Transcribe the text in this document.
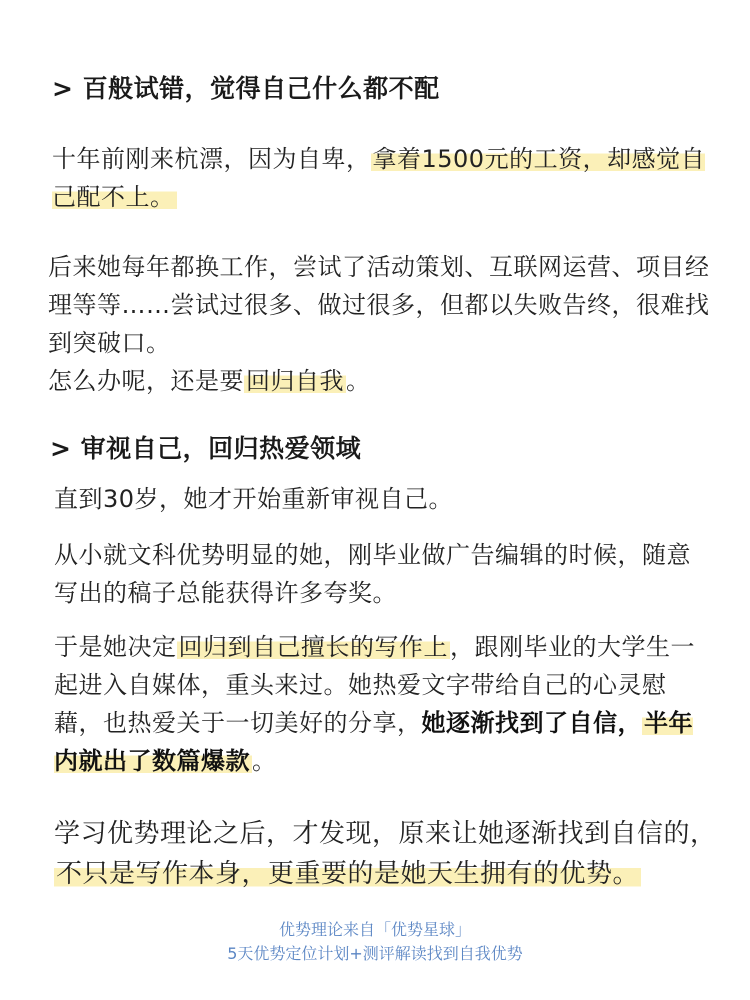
> 百般试错，觉得自己什么都不配
十年前刚来杭漂，因为自卑，拿着1500元的工资，却感觉自己配不上。
后来她每年都换工作，尝试了活动策划、互联网运营、项目经
理等等……尝试过很多、做过很多，但都以失败告终，很难找
到突破口。
怎么办呢，还是要回归自我。
> 审视自己，回归热爱领域
直到30岁，她才开始重新审视自己。
从小就文科优势明显的她，刚毕业做广告编辑的时候，随意
写出的稿子总能获得许多夸奖。
于是她决定回归到自己擅长的写作上，跟刚毕业的大学生一起进入自媒体，重头来过。她热爱文字带给自己的心灵慰藉，也热爱关于一切美好的分享，她逐渐找到了自信，半年内就出了数篇爆款。
学习优势理论之后，才发现，原来让她逐渐找到自信的，
不只是写作本身，更重要的是她天生拥有的优势。
优势理论来自「优势星球」
5天优势定位计划+测评解读找到自我优势
